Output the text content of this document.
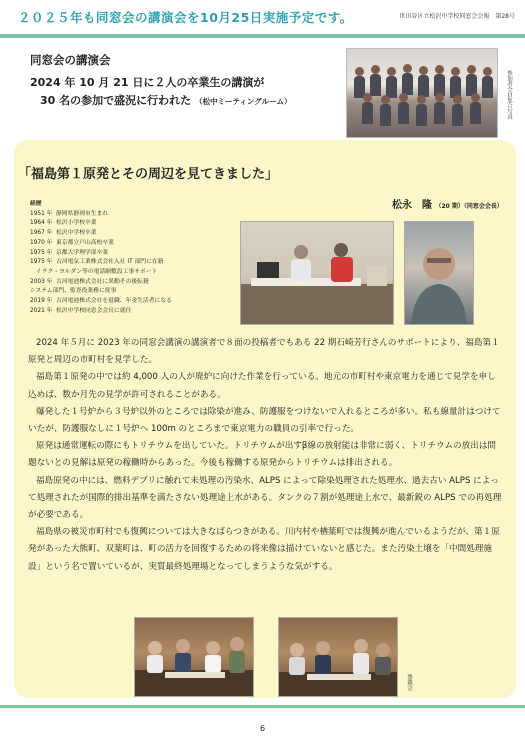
２０２５年も同窓会の講演会を10月25日実施予定です。	世田谷区立松沢中学校同窓会会報　第28号
同窓会の講演会
2024 年 10 月 21 日に２人の卒業生の講演が
30 名の参加で盛況に行われた （松中ミーティングルーム）	参加者全員集合写真
「福島第１原発とその周辺を見てきました」
松永　隆 （20 期）（同窓会会長）
経歴
1951 年 静岡県静岡市生まれ
1964 年 松沢小学校卒業
1967 年 松沢中学校卒業
1970 年 東京都立戸山高校卒業
1975 年 京都大学理学部卒業
1975 年 古河電気工業株式会社入社 IT 部門に在籍
　イラク・ヨルダン等の電話網敷設工事サポート
2003 年 古河電池株式会社に異動その後転籍
システム部門、監査役業務に従事
2019 年 古河電池株式会社を退職、年金生活者になる
2021 年 松沢中学校同窓会会長に就任

2024 年５月に 2023 年の同窓会講演の講演者で８面の投稿者でもある 22 期石崎芳行さんのサポートにより、福島第１原発と周辺の市町村を見学した。

福島第１原発の中では約 4,000 人の人が廃炉に向けた作業を行っている。地元の市町村や東京電力を通じて見学を申し込めば、数か月先の見学が許可されることがある。

爆発した１号炉から３号炉以外のところでは除染が進み、防護服をつけないで入れるところが多い。私も線量計はつけていたが、防護服なしに１号炉へ 100m のところまで東京電力の職員の引率で行った。

原発は通常運転の際にもトリチウムを出していた。トリチウムが出すβ線の放射能は非常に弱く、トリチウムの放出は問題ないとの見解は原発の稼働時からあった。今後も稼働する原発からトリチウムは排出される。

福島原発の中には、燃料デブリに触れて未処理の汚染水、ALPS によって除染処理された処理水、過去古い ALPS によって処理されたが国際的排出基準を満たさない処理途上水がある。タンクの７割が処理途上水で、最新鋭の ALPS での再処理が必要である。

福島県の被災市町村でも復興については大きなばらつきがある。川内村や楢葉町では復興が進んでいるようだが、第１原発があった大熊町、双葉町は、町の活力を回復するための将来像は描けていないと感じた。また汚染土壌を「中間処理施設」という名で置いているが、実質最終処理場となってしまうような気がする。

懇親会
6
